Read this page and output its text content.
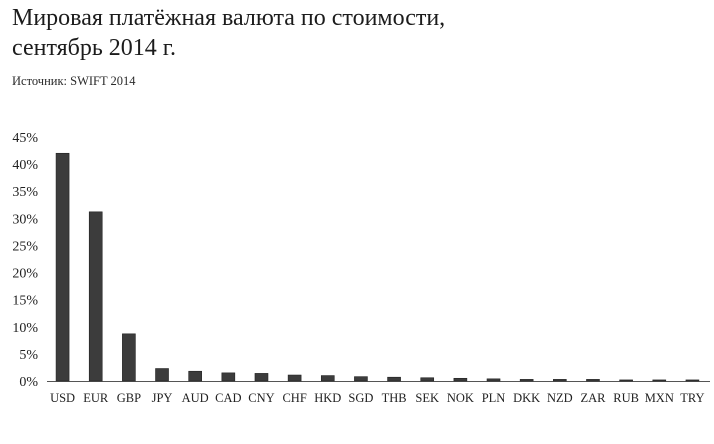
Мировая платёжная валюта по стоимости,
сентябрь 2014 г.
Источник: SWIFT 2014
0%
5%
10%
15%
20%
25%
30%
35%
40%
45%
USD EUR GBP JPY AUD CAD CNY CHF HKD SGD THB SEK NOK PLN DKK NZD ZAR RUB MXN TRY
